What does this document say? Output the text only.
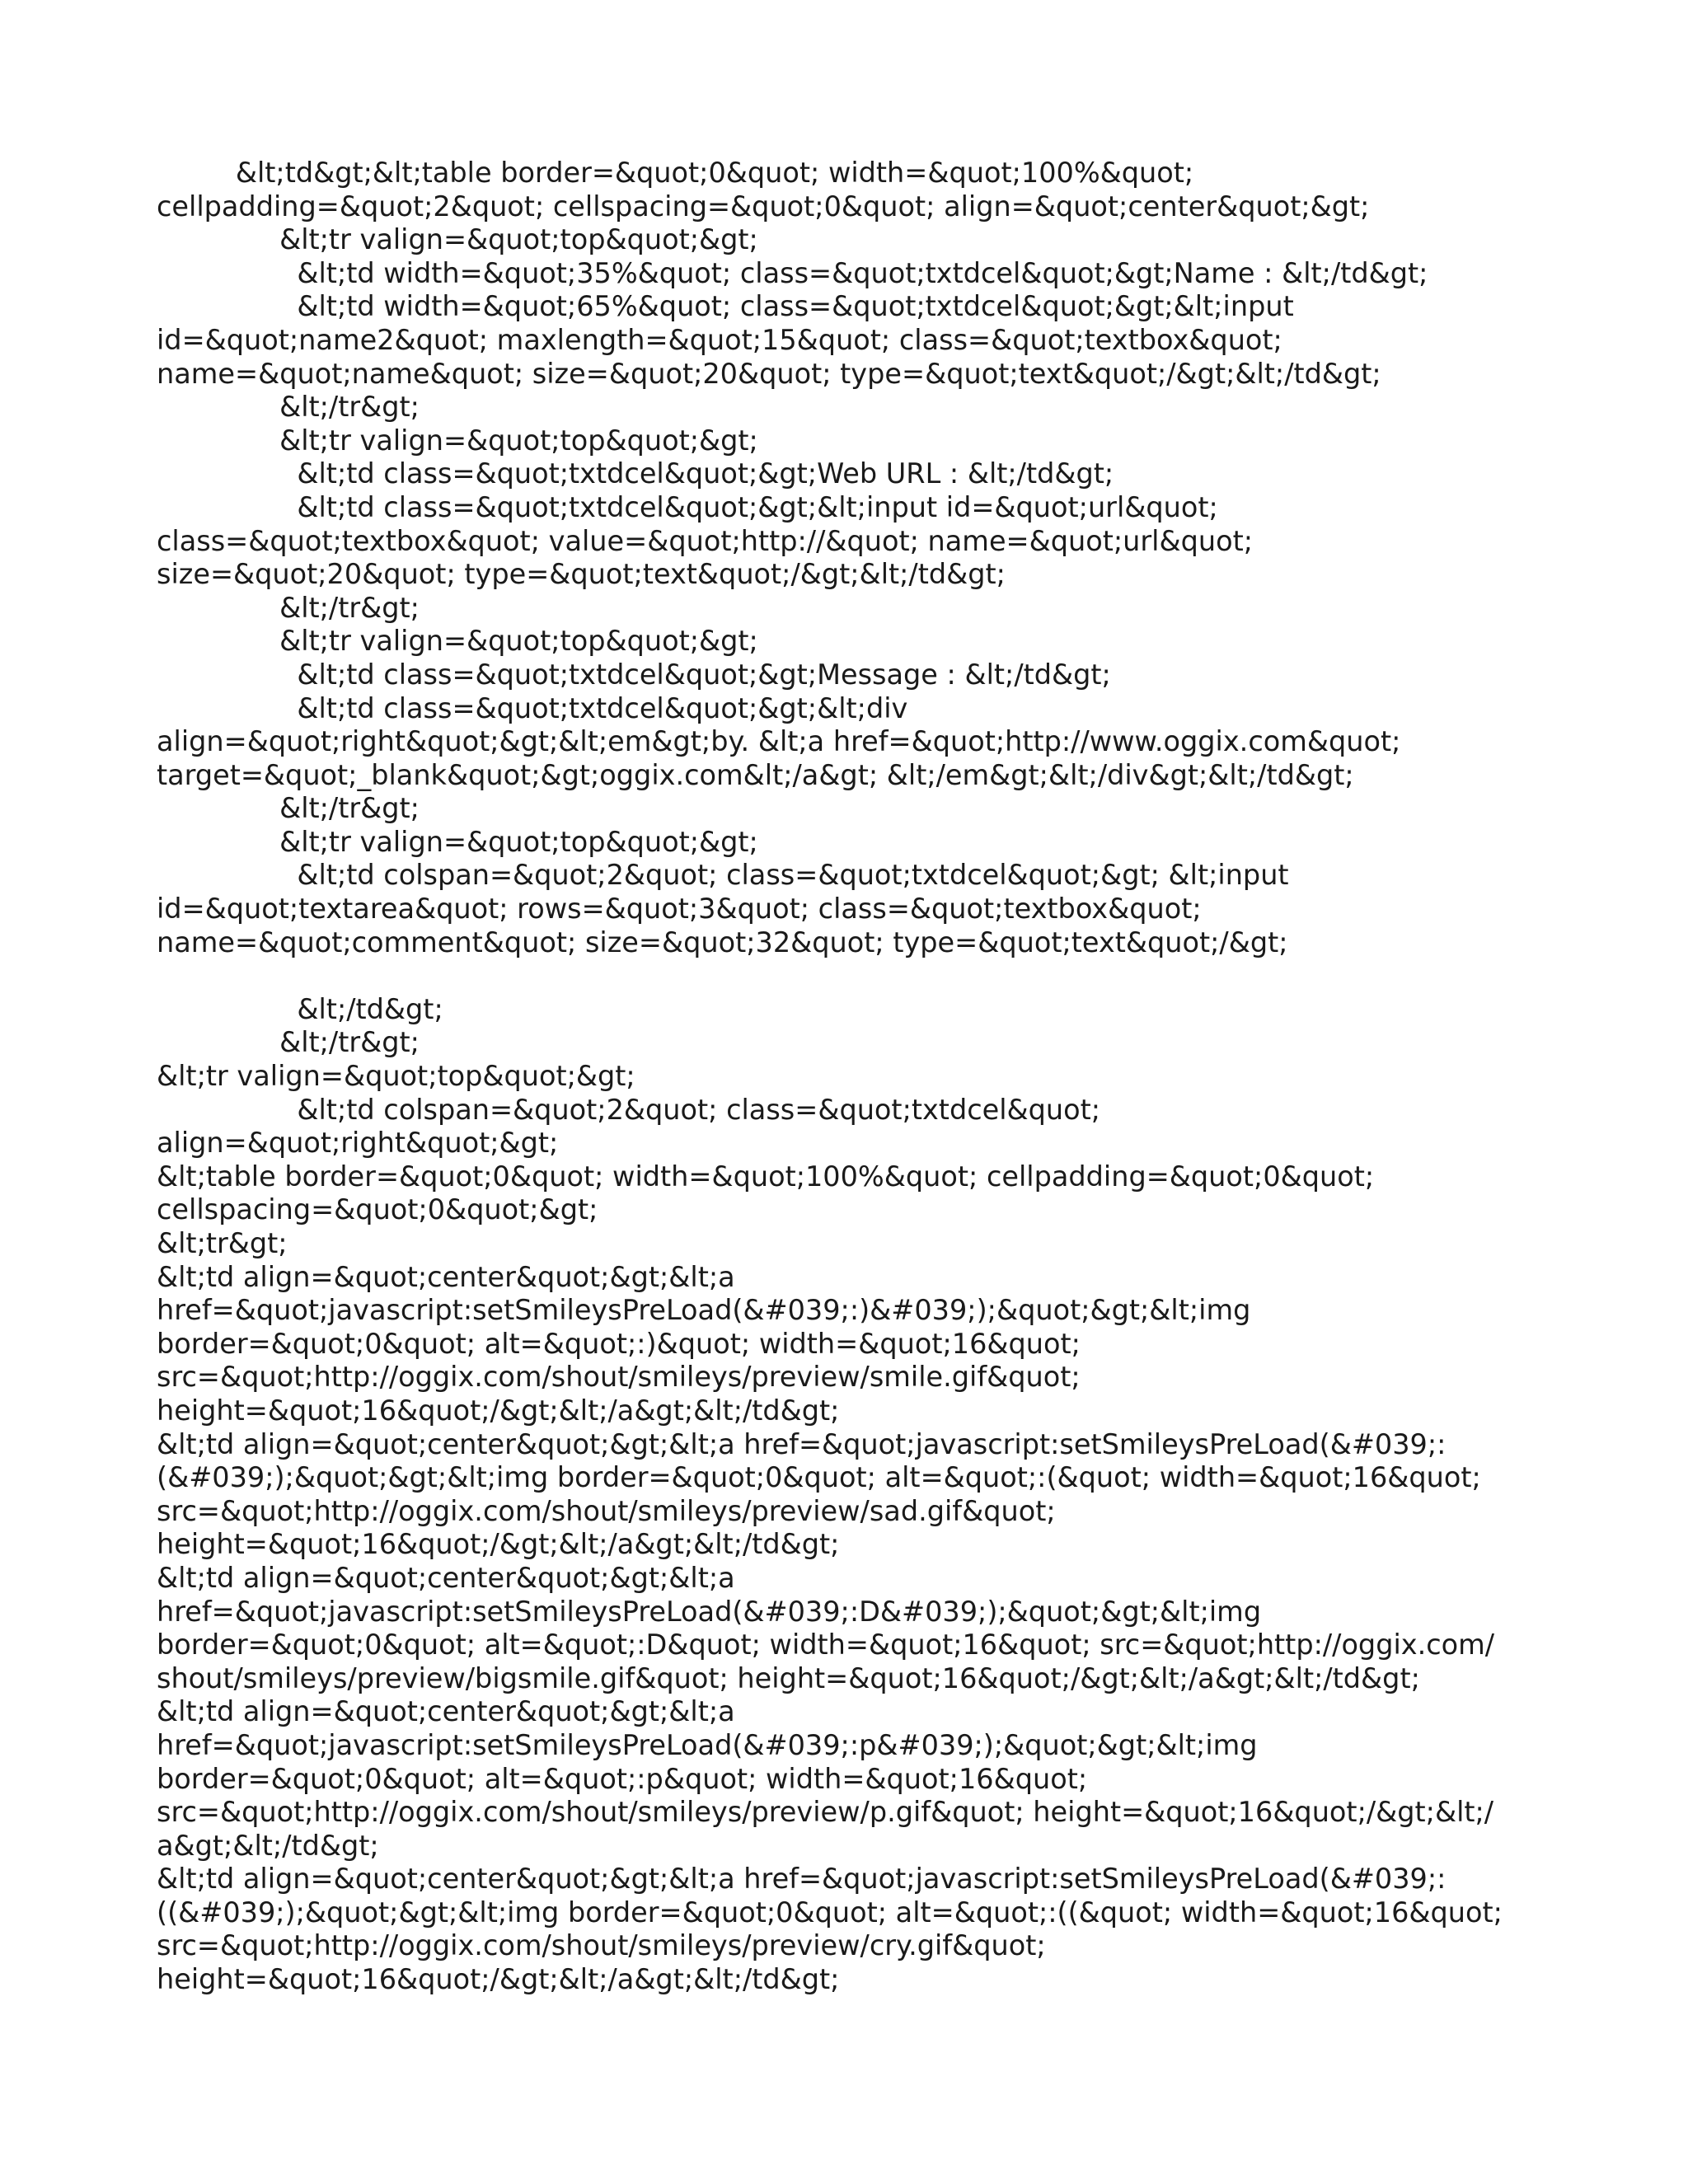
&lt;td&gt;&lt;table border=&quot;0&quot; width=&quot;100%&quot;
cellpadding=&quot;2&quot; cellspacing=&quot;0&quot; align=&quot;center&quot;&gt;
&lt;tr valign=&quot;top&quot;&gt;
&lt;td width=&quot;35%&quot; class=&quot;txtdcel&quot;&gt;Name : &lt;/td&gt;
&lt;td width=&quot;65%&quot; class=&quot;txtdcel&quot;&gt;&lt;input
id=&quot;name2&quot; maxlength=&quot;15&quot; class=&quot;textbox&quot;
name=&quot;name&quot; size=&quot;20&quot; type=&quot;text&quot;/&gt;&lt;/td&gt;
&lt;/tr&gt;
&lt;tr valign=&quot;top&quot;&gt;
&lt;td class=&quot;txtdcel&quot;&gt;Web URL : &lt;/td&gt;
&lt;td class=&quot;txtdcel&quot;&gt;&lt;input id=&quot;url&quot;
class=&quot;textbox&quot; value=&quot;http://&quot; name=&quot;url&quot;
size=&quot;20&quot; type=&quot;text&quot;/&gt;&lt;/td&gt;
&lt;/tr&gt;
&lt;tr valign=&quot;top&quot;&gt;
&lt;td class=&quot;txtdcel&quot;&gt;Message : &lt;/td&gt;
&lt;td class=&quot;txtdcel&quot;&gt;&lt;div
align=&quot;right&quot;&gt;&lt;em&gt;by. &lt;a href=&quot;http://www.oggix.com&quot;
target=&quot;_blank&quot;&gt;oggix.com&lt;/a&gt; &lt;/em&gt;&lt;/div&gt;&lt;/td&gt;
&lt;/tr&gt;
&lt;tr valign=&quot;top&quot;&gt;
&lt;td colspan=&quot;2&quot; class=&quot;txtdcel&quot;&gt; &lt;input
id=&quot;textarea&quot; rows=&quot;3&quot; class=&quot;textbox&quot;
name=&quot;comment&quot; size=&quot;32&quot; type=&quot;text&quot;/&gt;
&lt;/td&gt;
&lt;/tr&gt;
&lt;tr valign=&quot;top&quot;&gt;
&lt;td colspan=&quot;2&quot; class=&quot;txtdcel&quot;
align=&quot;right&quot;&gt;
&lt;table border=&quot;0&quot; width=&quot;100%&quot; cellpadding=&quot;0&quot;
cellspacing=&quot;0&quot;&gt;
&lt;tr&gt;
&lt;td align=&quot;center&quot;&gt;&lt;a
href=&quot;javascript:setSmileysPreLoad(&#039;:)&#039;);&quot;&gt;&lt;img
border=&quot;0&quot; alt=&quot;:)&quot; width=&quot;16&quot;
src=&quot;http://oggix.com/shout/smileys/preview/smile.gif&quot;
height=&quot;16&quot;/&gt;&lt;/a&gt;&lt;/td&gt;
&lt;td align=&quot;center&quot;&gt;&lt;a href=&quot;javascript:setSmileysPreLoad(&#039;:
(&#039;);&quot;&gt;&lt;img border=&quot;0&quot; alt=&quot;:(&quot; width=&quot;16&quot;
src=&quot;http://oggix.com/shout/smileys/preview/sad.gif&quot;
height=&quot;16&quot;/&gt;&lt;/a&gt;&lt;/td&gt;
&lt;td align=&quot;center&quot;&gt;&lt;a
href=&quot;javascript:setSmileysPreLoad(&#039;:D&#039;);&quot;&gt;&lt;img
border=&quot;0&quot; alt=&quot;:D&quot; width=&quot;16&quot; src=&quot;http://oggix.com/
shout/smileys/preview/bigsmile.gif&quot; height=&quot;16&quot;/&gt;&lt;/a&gt;&lt;/td&gt;
&lt;td align=&quot;center&quot;&gt;&lt;a
href=&quot;javascript:setSmileysPreLoad(&#039;:p&#039;);&quot;&gt;&lt;img
border=&quot;0&quot; alt=&quot;:p&quot; width=&quot;16&quot;
src=&quot;http://oggix.com/shout/smileys/preview/p.gif&quot; height=&quot;16&quot;/&gt;&lt;/
a&gt;&lt;/td&gt;
&lt;td align=&quot;center&quot;&gt;&lt;a href=&quot;javascript:setSmileysPreLoad(&#039;:
((&#039;);&quot;&gt;&lt;img border=&quot;0&quot; alt=&quot;:((&quot; width=&quot;16&quot;
src=&quot;http://oggix.com/shout/smileys/preview/cry.gif&quot;
height=&quot;16&quot;/&gt;&lt;/a&gt;&lt;/td&gt;
